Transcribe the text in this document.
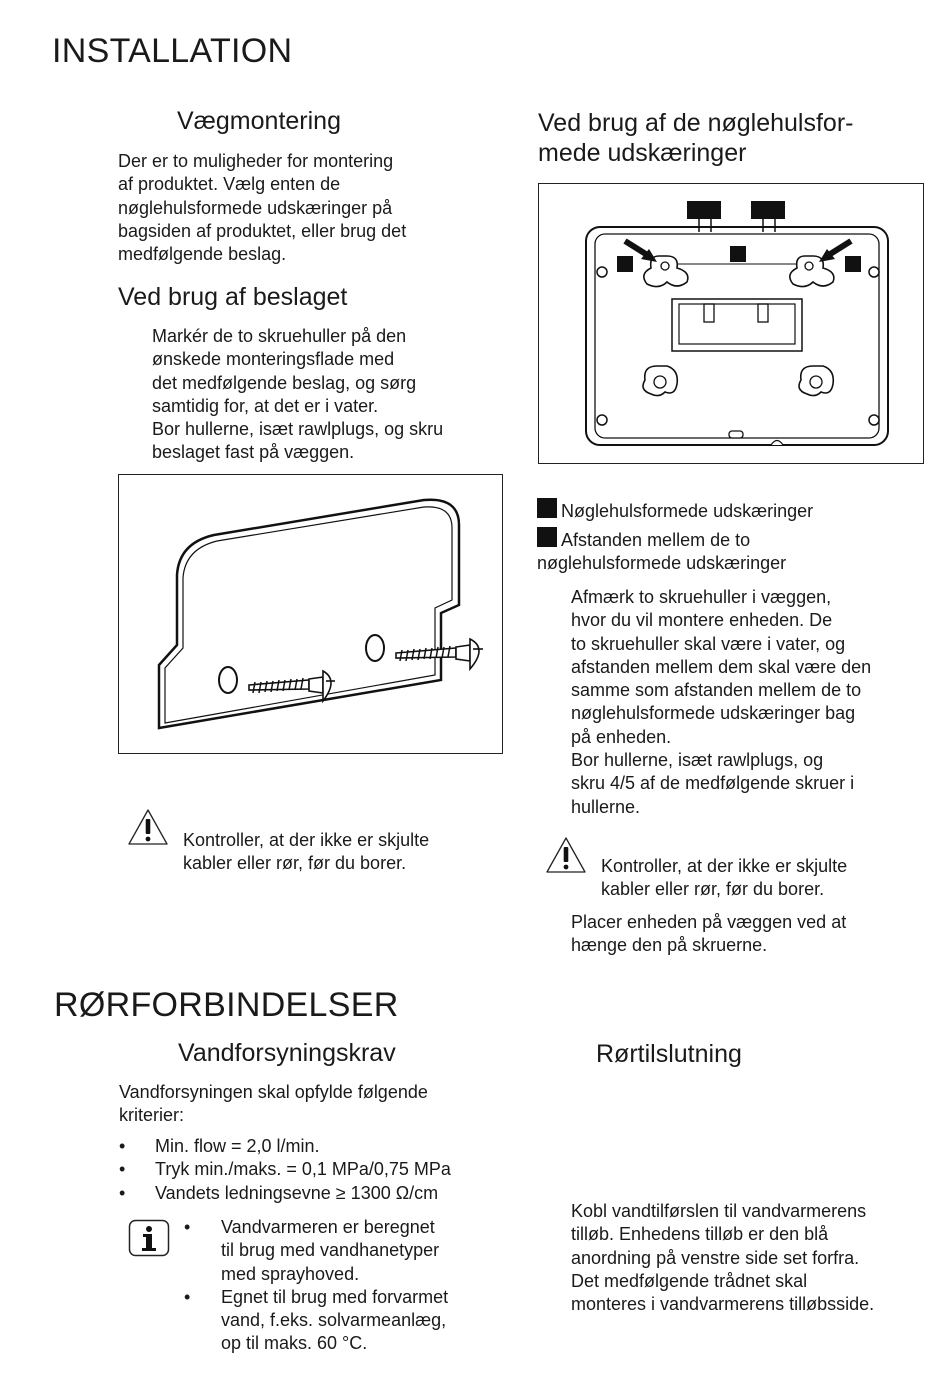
INSTALLATION
Vægmontering
Der er to muligheder for montering
af produktet. Vælg enten de
nøglehulsformede udskæringer på
bagsiden af produktet, eller brug det
medfølgende beslag.
Ved brug af beslaget
Markér de to skruehuller på den
ønskede monteringsflade med
det medfølgende beslag, og sørg
samtidig for, at det er i vater.
Bor hullerne, isæt rawlplugs, og skru
beslaget fast på væggen.
Kontroller, at der ikke er skjulte
kabler eller rør, før du borer.
Ved brug af de nøglehulsfor-
mede udskæringer
Nøglehulsformede udskæringer
Afstanden mellem de to
nøglehulsformede udskæringer
Afmærk to skruehuller i væggen,
hvor du vil montere enheden. De
to skruehuller skal være i vater, og
afstanden mellem dem skal være den
samme som afstanden mellem de to
nøglehulsformede udskæringer bag
på enheden.
Bor hullerne, isæt rawlplugs, og
skru 4/5 af de medfølgende skruer i
hullerne.
Kontroller, at der ikke er skjulte
kabler eller rør, før du borer.
Placer enheden på væggen ved at
hænge den på skruerne.
RØRFORBINDELSER
Vandforsyningskrav
Vandforsyningen skal opfylde følgende
kriterier:
• Min. flow = 2,0 l/min.
• Tryk min./maks. = 0,1 MPa/0,75 MPa
• Vandets ledningsevne ≥ 1300 Ω/cm
• Vandvarmeren er beregnet
til brug med vandhanetyper
med sprayhoved.
• Egnet til brug med forvarmet
vand, f.eks. solvarmeanlæg,
op til maks. 60 °C.
Rørtilslutning
Kobl vandtilførslen til vandvarmerens
tilløb. Enhedens tilløb er den blå
anordning på venstre side set forfra.
Det medfølgende trådnet skal
monteres i vandvarmerens tilløbsside.
